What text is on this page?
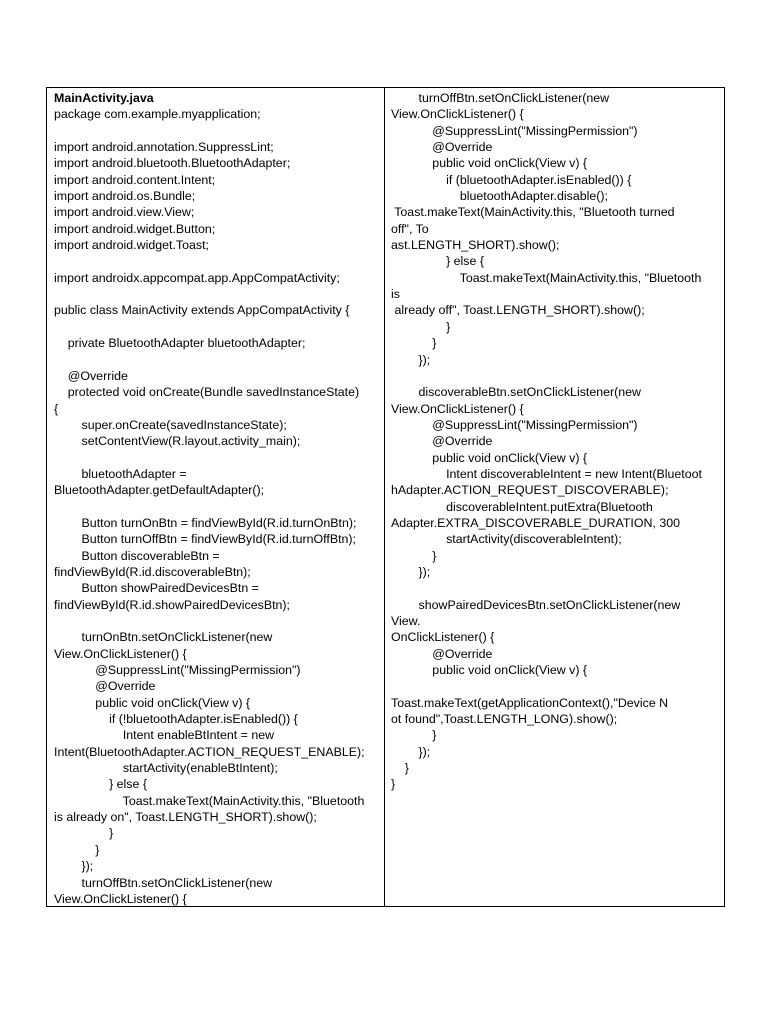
MainActivity.java
package com.example.myapplication;
import android.annotation.SuppressLint;
import android.bluetooth.BluetoothAdapter;
import android.content.Intent;
import android.os.Bundle;
import android.view.View;
import android.widget.Button;
import android.widget.Toast;
import androidx.appcompat.app.AppCompatActivity;
public class MainActivity extends AppCompatActivity {
private BluetoothAdapter bluetoothAdapter;
@Override
protected void onCreate(Bundle savedInstanceState)
{
super.onCreate(savedInstanceState);
setContentView(R.layout.activity_main);
bluetoothAdapter =
BluetoothAdapter.getDefaultAdapter();
Button turnOnBtn = findViewById(R.id.turnOnBtn);
Button turnOffBtn = findViewById(R.id.turnOffBtn);
Button discoverableBtn =
findViewById(R.id.discoverableBtn);
Button showPairedDevicesBtn =
findViewById(R.id.showPairedDevicesBtn);
turnOnBtn.setOnClickListener(new
View.OnClickListener() {
@SuppressLint("MissingPermission")
@Override
public void onClick(View v) {
if (!bluetoothAdapter.isEnabled()) {
Intent enableBtIntent = new
Intent(BluetoothAdapter.ACTION_REQUEST_ENABLE);
startActivity(enableBtIntent);
} else {
Toast.makeText(MainActivity.this, "Bluetooth
is already on", Toast.LENGTH_SHORT).show();
}
}
});
turnOffBtn.setOnClickListener(new
View.OnClickListener() {
turnOffBtn.setOnClickListener(new
View.OnClickListener() {
@SuppressLint("MissingPermission")
@Override
public void onClick(View v) {
if (bluetoothAdapter.isEnabled()) {
bluetoothAdapter.disable();
Toast.makeText(MainActivity.this, "Bluetooth turned
off", To
ast.LENGTH_SHORT).show();
} else {
Toast.makeText(MainActivity.this, "Bluetooth
is
already off", Toast.LENGTH_SHORT).show();
}
}
});
discoverableBtn.setOnClickListener(new
View.OnClickListener() {
@SuppressLint("MissingPermission")
@Override
public void onClick(View v) {
Intent discoverableIntent = new Intent(Bluetoot
hAdapter.ACTION_REQUEST_DISCOVERABLE);
discoverableIntent.putExtra(Bluetooth
Adapter.EXTRA_DISCOVERABLE_DURATION, 300
startActivity(discoverableIntent);
}
});
showPairedDevicesBtn.setOnClickListener(new
View.
OnClickListener() {
@Override
public void onClick(View v) {
Toast.makeText(getApplicationContext(),"Device N
ot found",Toast.LENGTH_LONG).show();
}
});
}
}
